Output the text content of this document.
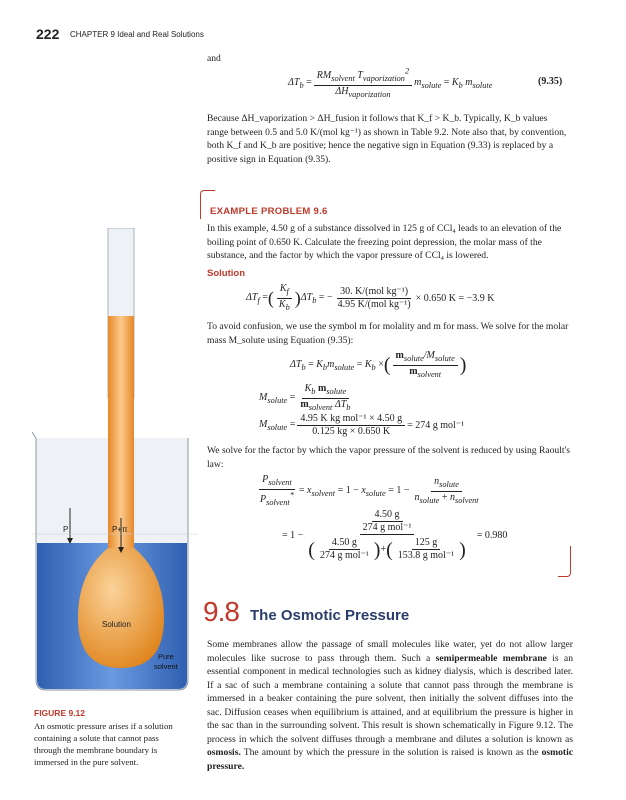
222 CHAPTER 9 Ideal and Real Solutions
and
$\Delta T_b = \frac{RM_{solvent} T_{vaporization}^2}{\Delta H_{vaporization}} m_{solute} = K_b$ $m_{solute}$	(9.35)
Because ΔH_vaporization > ΔH_fusion it follows that K_f > K_b. Typically, K_b values range between 0.5 and 5.0 K/(mol kg⁻¹) as shown in Table 9.2. Note also that, by convention, both K_f and K_b are positive; hence the negative sign in Equation (9.33) is replaced by a positive sign in Equation (9.35).
EXAMPLE PROBLEM 9.6
In this example, 4.50 g of a substance dissolved in 125 g of CCl₄ leads to an elevation of the boiling point of 0.650 K. Calculate the freezing point depression, the molar mass of the substance, and the factor by which the vapor pressure of CCl₄ is lowered.
Solution
$\Delta T_f$ = ( $\frac{K_f}{K_b}$ ) $\Delta T_b$ = − $\frac{\text{30. K/(mol kg⁻¹)}}{\text{4.95 K/(mol kg⁻¹)}} \times 0.650$ K = −3.9 K
To avoid confusion, we use the symbol m for molality and m for mass. We solve for the molar mass M_solute using Equation (9.35):
$\Delta T_b = K_bm_{solute} = K_b$ × ( $\frac{m_{solute}/M_{solute}}{m_{solvent}}$ )
$M_{solute} = \frac{K_b m_{solute}}{m_{solvent} \Delta T_b}$
$M_{solute} = \frac{\text{4.95 K kg mol⁻¹ × 4.50 g}}{0.125 kg \times 0.650 K} = 274$ g mol⁻¹
We solve for the factor by which the vapor pressure of the solvent is reduced by using Raoult's law:
$\frac{P_{solvent}}{P_{solvent}^*} = x_{solvent} = 1 - x_{solute} = 1 - \frac{n_{solute}}{n_{solute} + n_{solvent}}$
= 1 − 4.50 g
274 g mol⁻¹
( $\frac{4.50 g}{\text{274 g mol⁻¹}}$ ) + ( $\frac{125 g}{\text{153.8 g mol⁻¹}}$ ) = 0.980
9.8 The Osmotic Pressure
Some membranes allow the passage of small molecules like water, yet do not allow larger molecules like sucrose to pass through them. Such a semipermeable membrane is an essential component in medical technologies such as kidney dialysis, which is described later. If a sac of such a membrane containing a solute that cannot pass through the membrane is immersed in a beaker containing the pure solvent, then initially the solvent diffuses into the sac. Diffusion ceases when equilibrium is attained, and at equilibrium the pressure is higher in the sac than in the surrounding solvent. This result is shown schematically in Figure 9.12. The process in which the solvent diffuses through a membrane and dilutes a solution is known as osmosis. The amount by which the pressure in the solution is raised is known as the osmotic pressure.
P	P+π
Solution
Pure
solvent
FIGURE 9.12
An osmotic pressure arises if a solution containing a solute that cannot pass through the membrane boundary is immersed in the pure solvent.
